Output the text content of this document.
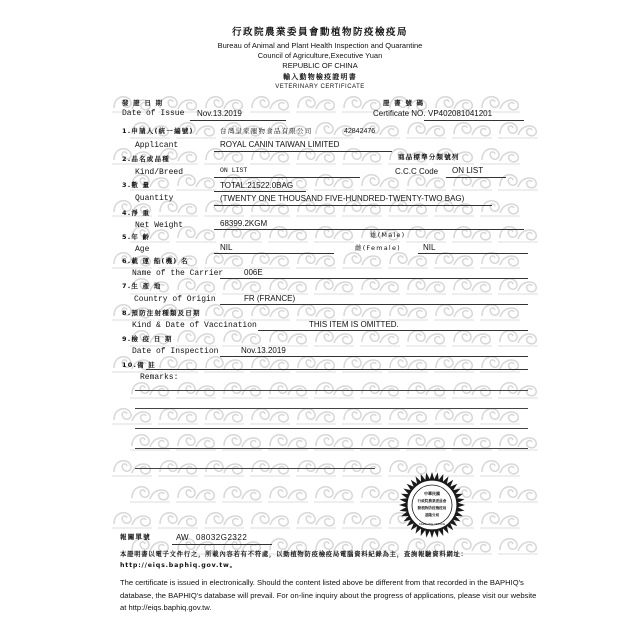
行政院農業委員會動植物防疫檢疫局
Bureau of Animal and Plant Health Inspection and Quarantine
Council of Agriculture,Executive Yuan
REPUBLIC OF CHINA
輸入動物檢疫證明書
VETERINARY CERTIFICATE
發 證 日 期
Date of Issue Nov.13.2019
證 書 號 碼
Certificate NO. VP402081041201
1.申請人(統一編號)	台灣皇家寵物食品有限公司	42842476
Applicant	ROYAL CANIN TAIWAN LIMITED
2.品名或品種	商品標準分類號列
Kind/Breed	ON LIST	C.C.C Code ON LIST
3.數 量	TOTAL:21522.0BAG
Quantity	(TWENTY ONE THOUSAND FIVE-HUNDRED-TWENTY-TWO BAG)
4.淨 重
Net Weight	68399.2KGM
5.年 齡	雄(Male)
Age	NIL	雌(Female)	NIL
6.載 運 船(機) 名
Name of the Carrier	006E
7.生 產 地
Country of Origin	FR (FRANCE)
8.預防注射種類及日期
Kind & Date of Vaccination	THIS ITEM IS OMITTED.
9.檢 疫 日 期
Date of Inspection	Nov.13.2019
10.備 註
Remarks:
中華民國
行政院農業委員會
動植物防疫檢疫局
基隆分局
KEELUNG OFFICE
報關單號	AW 08032G2322
本證明書以電子文件行之，所載內容若有不符處，以動植物防疫檢疫局電腦資料紀錄為主，查詢報驗資料網址：http://eiqs.baphiq.gov.tw。
The certificate is issued in electronically. Should the content listed above be different from that recorded in the BAPHIQ's database, the BAPHIQ's database will prevail. For on-line inquiry about the progress of applications, please visit our website at http://eiqs.baphiq.gov.tw.
